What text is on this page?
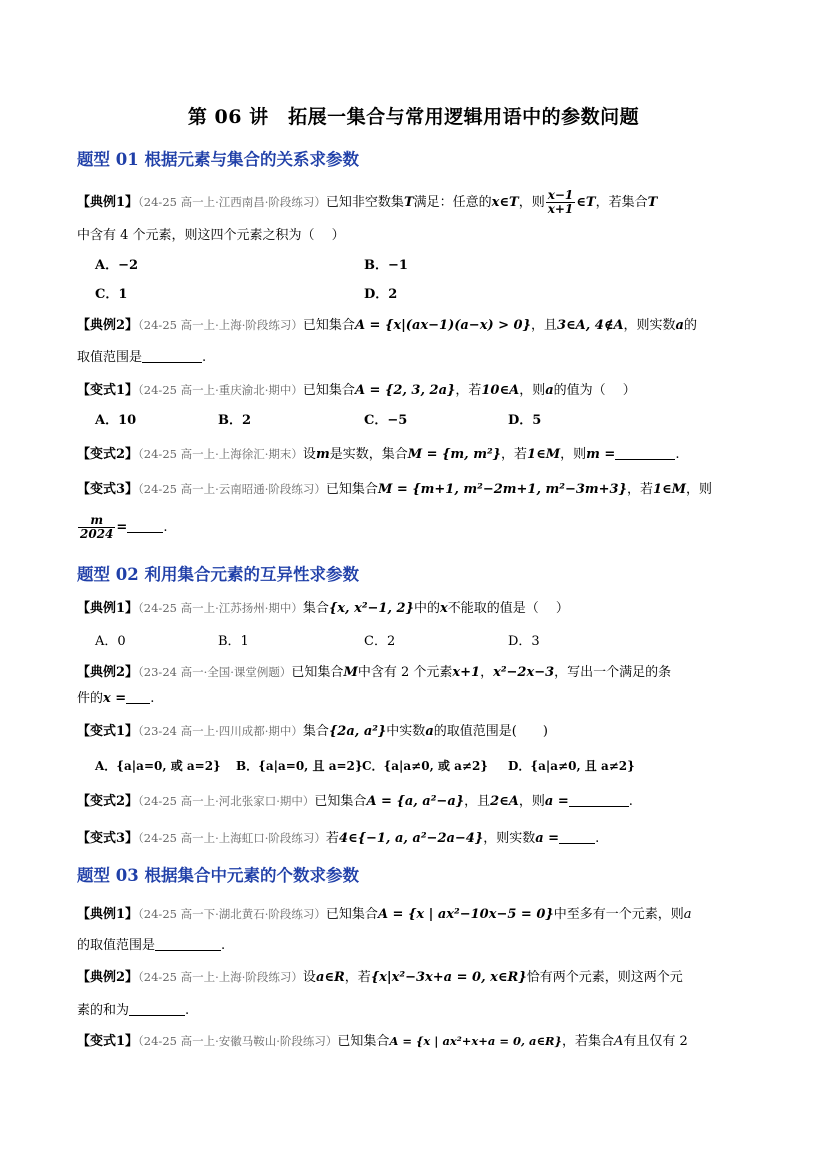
第 06 讲　拓展一集合与常用逻辑用语中的参数问题
题型 01 根据元素与集合的关系求参数
【典例1】（24-25 高一上·江西南昌·阶段练习）已知非空数集T满足：任意的x∈T，则 $\frac{x-1}{x+1}$ ∈T，若集合T
中含有 4 个元素，则这四个元素之积为（　 ）
A．−2	B．−1
C．1	D．2
【典例2】（24-25 高一上·上海·阶段练习）已知集合A = {x|(ax−1)(a−x) > 0}，且3∈A, 4∉A，则实数a的
取值范围是	.
【变式1】（24-25 高一上·重庆渝北·期中）已知集合A = {2, 3, 2a}，若10∈A，则a的值为（　 ）
A．10	B．2	C．−5	D．5
【变式2】（24-25 高一上·上海徐汇·期末）设m是实数，集合M = {m, m²}，若1∈M，则m =	.
【变式3】（24-25 高一上·云南昭通·阶段练习）已知集合M = {m+1, m²−2m+1, m²−3m+3}，若1∈M，则
$\frac{m}{2024}$ =	.
题型 02 利用集合元素的互异性求参数
【典例1】（24-25 高一上·江苏扬州·期中）集合{x, x²−1, 2}中的x不能取的值是（　 ）
A．0	B．1	C．2	D．3
【典例2】（23-24 高一·全国·课堂例题）已知集合M中含有 2 个元素x+1，x²−2x−3，写出一个满足的条
件的x = .
【变式1】（23-24 高一上·四川成都·期中）集合{2a, a²}中实数a的取值范围是(　　)
A．{a|a=0, 或 a=2} B．{a|a=0, 且 a=2} C．{a|a≠0, 或 a≠2} D．{a|a≠0, 且 a≠2}
【变式2】（24-25 高一上·河北张家口·期中）已知集合A = {a, a²−a}，且2∈A，则a =	.
【变式3】（24-25 高一上·上海虹口·阶段练习）若4∈{−1, a, a²−2a−4}，则实数a =	.
题型 03 根据集合中元素的个数求参数
【典例1】（24-25 高一下·湖北黄石·阶段练习）已知集合A = {x | ax²−10x−5 = 0}中至多有一个元素，则a
的取值范围是	.
【典例2】（24-25 高一上·上海·阶段练习）设a∈R，若{x|x²−3x+a = 0, x∈R}恰有两个元素，则这两个元
素的和为	.
【变式1】（24-25 高一上·安徽马鞍山·阶段练习）已知集合A = {x | ax²+x+a = 0, a∈R}，若集合A有且仅有 2
